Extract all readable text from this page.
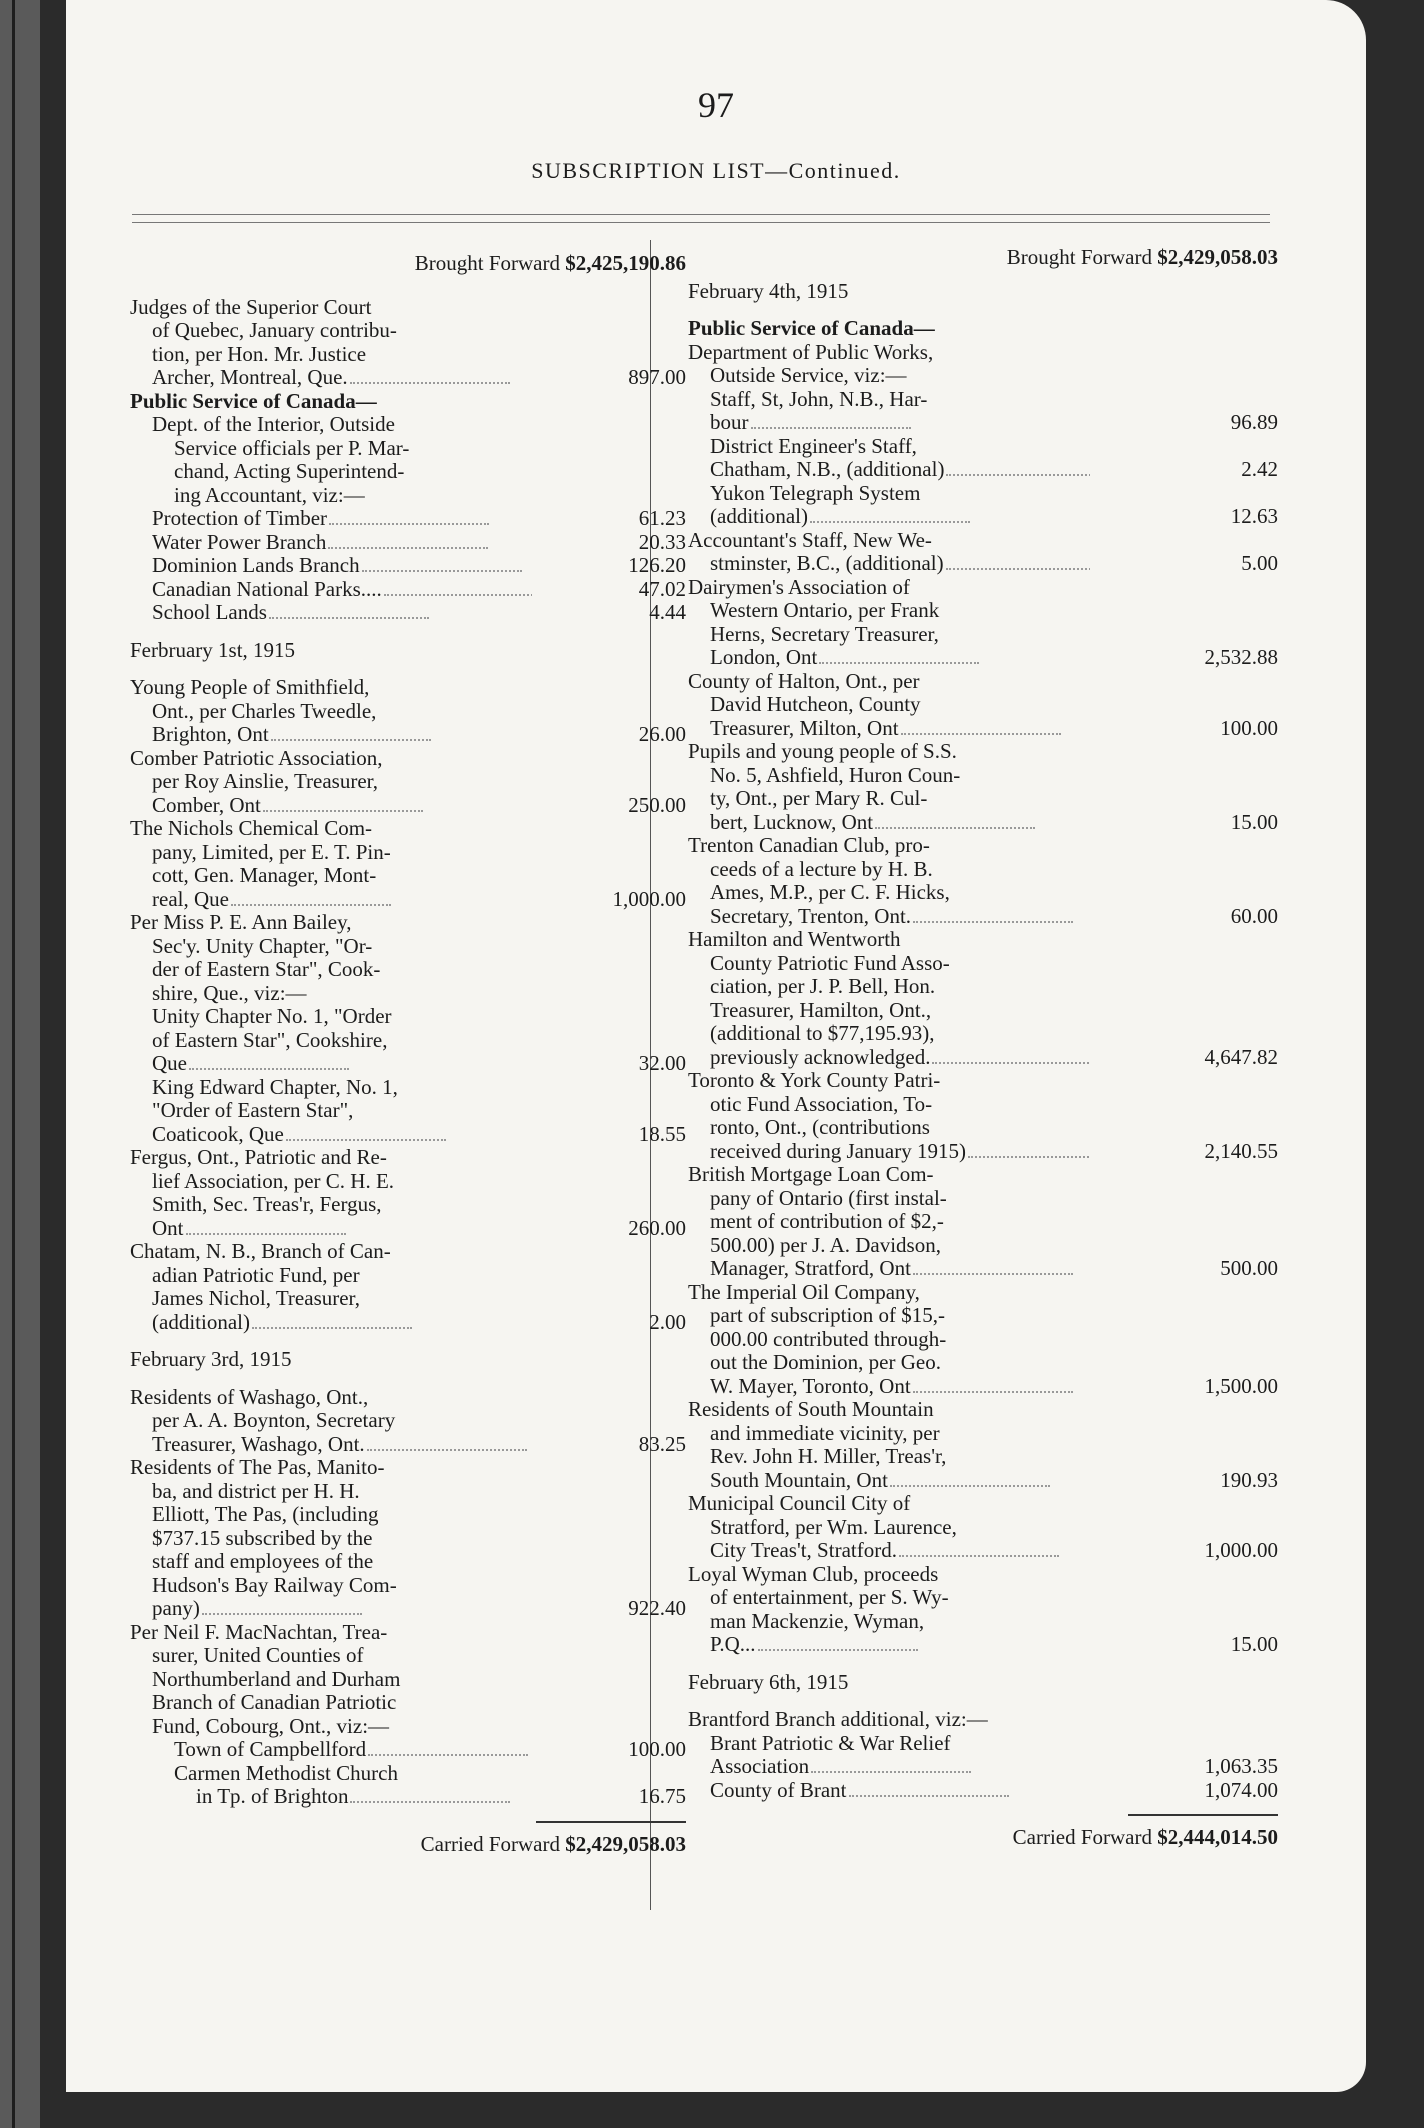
97
SUBSCRIPTION LIST—Continued.
Brought Forward $2,425,190.86
Judges of the Superior Court
of Quebec, January contribu-
tion, per Hon. Mr. Justice
Archer, Montreal, Que.	897.00
Public Service of Canada—
Dept. of the Interior, Outside
Service officials per P. Mar-
chand, Acting Superintend-
ing Accountant, viz:—
Protection of Timber	61.23
Water Power Branch	20.33
Dominion Lands Branch	126.20
Canadian National Parks....	47.02
School Lands	4.44
Ferbruary 1st, 1915
Young People of Smithfield,
Ont., per Charles Tweedle,
Brighton, Ont	26.00
Comber Patriotic Association,
per Roy Ainslie, Treasurer,
Comber, Ont	250.00
The Nichols Chemical Com-
pany, Limited, per E. T. Pin-
cott, Gen. Manager, Mont-
real, Que	1,000.00
Per Miss P. E. Ann Bailey,
Sec'y. Unity Chapter, "Or-
der of Eastern Star", Cook-
shire, Que., viz:—
Unity Chapter No. 1, "Order
of Eastern Star", Cookshire,
Que	32.00
King Edward Chapter, No. 1,
"Order of Eastern Star",
Coaticook, Que	18.55
Fergus, Ont., Patriotic and Re-
lief Association, per C. H. E.
Smith, Sec. Treas'r, Fergus,
Ont	260.00
Chatam, N. B., Branch of Can-
adian Patriotic Fund, per
James Nichol, Treasurer,
(additional)	2.00
February 3rd, 1915
Residents of Washago, Ont.,
per A. A. Boynton, Secretary
Treasurer, Washago, Ont.	83.25
Residents of The Pas, Manito-
ba, and district per H. H.
Elliott, The Pas, (including
$737.15 subscribed by the
staff and employees of the
Hudson's Bay Railway Com-
pany)	922.40
Per Neil F. MacNachtan, Trea-
surer, United Counties of
Northumberland and Durham
Branch of Canadian Patriotic
Fund, Cobourg, Ont., viz:—
Town of Campbellford	100.00
Carmen Methodist Church
in Tp. of Brighton	16.75
Carried Forward $2,429,058.03
Brought Forward $2,429,058.03
February 4th, 1915
Public Service of Canada—
Department of Public Works,
Outside Service, viz:—
Staff, St, John, N.B., Har-
bour	96.89
District Engineer's Staff,
Chatham, N.B., (additional)	2.42
Yukon Telegraph System
(additional)	12.63
Accountant's Staff, New We-
stminster, B.C., (additional)	5.00
Dairymen's Association of
Western Ontario, per Frank
Herns, Secretary Treasurer,
London, Ont	2,532.88
County of Halton, Ont., per
David Hutcheon, County
Treasurer, Milton, Ont	100.00
Pupils and young people of S.S.
No. 5, Ashfield, Huron Coun-
ty, Ont., per Mary R. Cul-
bert, Lucknow, Ont	15.00
Trenton Canadian Club, pro-
ceeds of a lecture by H. B.
Ames, M.P., per C. F. Hicks,
Secretary, Trenton, Ont.	60.00
Hamilton and Wentworth
County Patriotic Fund Asso-
ciation, per J. P. Bell, Hon.
Treasurer, Hamilton, Ont.,
(additional to $77,195.93),
previously acknowledged.	4,647.82
Toronto & York County Patri-
otic Fund Association, To-
ronto, Ont., (contributions
received during January 1915)	2,140.55
British Mortgage Loan Com-
pany of Ontario (first instal-
ment of contribution of $2,-
500.00) per J. A. Davidson,
Manager, Stratford, Ont	500.00
The Imperial Oil Company,
part of subscription of $15,-
000.00 contributed through-
out the Dominion, per Geo.
W. Mayer, Toronto, Ont	1,500.00
Residents of South Mountain
and immediate vicinity, per
Rev. John H. Miller, Treas'r,
South Mountain, Ont	190.93
Municipal Council City of
Stratford, per Wm. Laurence,
City Treas't, Stratford.	1,000.00
Loyal Wyman Club, proceeds
of entertainment, per S. Wy-
man Mackenzie, Wyman,
P.Q...	15.00
February 6th, 1915
Brantford Branch additional, viz:—
Brant Patriotic & War Relief
Association	1,063.35
County of Brant	1,074.00
Carried Forward $2,444,014.50
